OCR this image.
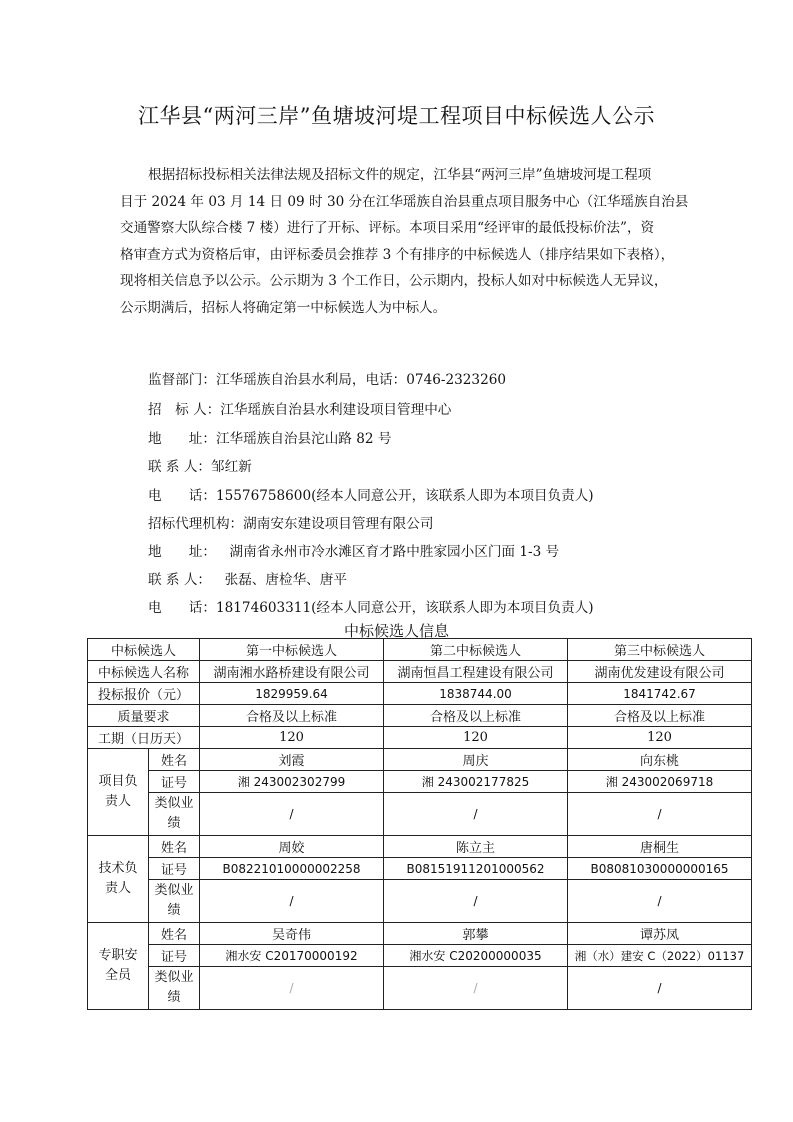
江华县“两河三岸”鱼塘坡河堤工程项目中标候选人公示
根据招标投标相关法律法规及招标文件的规定，江华县“两河三岸”鱼塘坡河堤工程项
目于 2024 年 03 月 14 日 09 时 30 分在江华瑶族自治县重点项目服务中心（江华瑶族自治县
交通警察大队综合楼 7 楼）进行了开标、评标。本项目采用“经评审的最低投标价法”，资
格审查方式为资格后审，由评标委员会推荐 3 个有排序的中标候选人（排序结果如下表格），
现将相关信息予以公示。公示期为 3 个工作日，公示期内，投标人如对中标候选人无异议，
公示期满后，招标人将确定第一中标候选人为中标人。
监督部门：江华瑶族自治县水利局，电话：0746-2323260
招　标 人：江华瑶族自治县水利建设项目管理中心
地　　址：江华瑶族自治县沱山路 82 号
联 系 人：邹红新
电　　话：15576758600(经本人同意公开，该联系人即为本项目负责人)
招标代理机构：湖南安东建设项目管理有限公司
地　　址：　湖南省永州市冷水滩区育才路中胜家园小区门面 1-3 号
联 系 人：　张磊、唐检华、唐平
电　　话：18174603311(经本人同意公开，该联系人即为本项目负责人)
中标候选人信息
中标候选人		第一中标候选人	第二中标候选人	第三中标候选人
中标候选人名称		湖南湘水路桥建设有限公司	湖南恒昌工程建设有限公司	湖南优发建设有限公司
投标报价（元）		1829959.64	1838744.00	1841742.67
质量要求		合格及以上标准	合格及以上标准	合格及以上标准
工期（日历天）		120	120	120
项目负责人	姓名	刘霞	周庆	向东桃
	证号	湘 243002302799	湘 243002177825	湘 243002069718
	类似业绩	/	/	/
技术负责人	姓名	周姣	陈立主	唐桐生
	证号	B08221010000002258	B08151911201000562	B08081030000000165
	类似业绩	/	/	/
专职安全员	姓名	吴奇伟	郭攀	谭苏凤
	证号	湘水安 C20170000192	湘水安 C20200000035	湘（水）建安 C（2022）01137
	类似业绩	/	/	/
